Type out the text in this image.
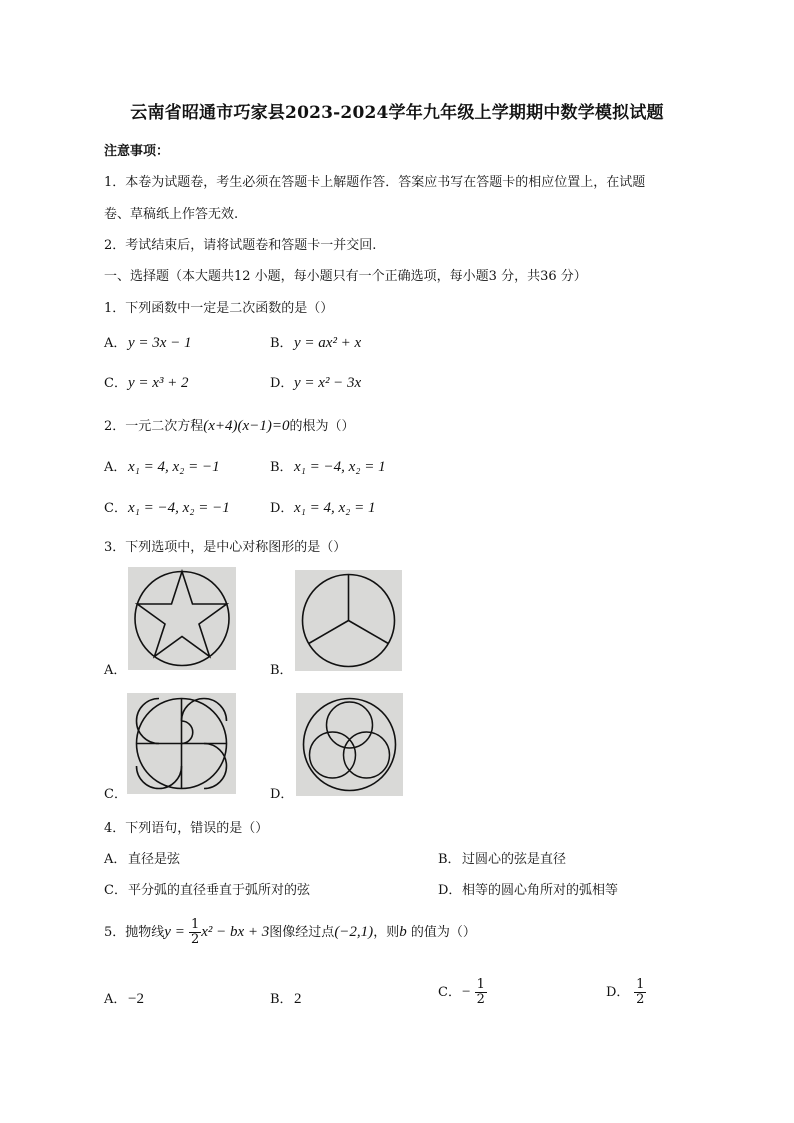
云南省昭通市巧家县2023-2024学年九年级上学期期中数学模拟试题
注意事项：
1．本卷为试题卷，考生必须在答题卡上解题作答．答案应书写在答题卡的相应位置上，在试题
卷、草稿纸上作答无效.
2．考试结束后，请将试题卷和答题卡一并交回.
一、选择题（本大题共12 小题，每小题只有一个正确选项，每小题3 分，共36 分）
1．下列函数中一定是二次函数的是（）
A． y = 3x − 1	B．y = ax² + x
C．y = x³ + 2	D．y = x² − 3x
2．一元二次方程(x+4)(x−1)=0的根为（）
A． x₁ = 4, x₂ = −1	B．x₁ = −4, x₂ = 1
C．x₁ = −4, x₂ = −1	D．x₁ = 4, x₂ = 1
3．下列选项中，是中心对称图形的是（）
A．	B．
C．	D．
4．下列语句，错误的是（）
A． 直径是弦	B．过圆心的弦是直径
C．平分弧的直径垂直于弧所对的弦	D．相等的圆心角所对的弧相等
5．抛物线$y = \frac{1}{2} x^2$ − bx + 3图像经过点(−2,1)，则b 的值为（）
A． −2	B．2	C．− $\frac{1}{2}$	D． $\frac{1}{2}$
